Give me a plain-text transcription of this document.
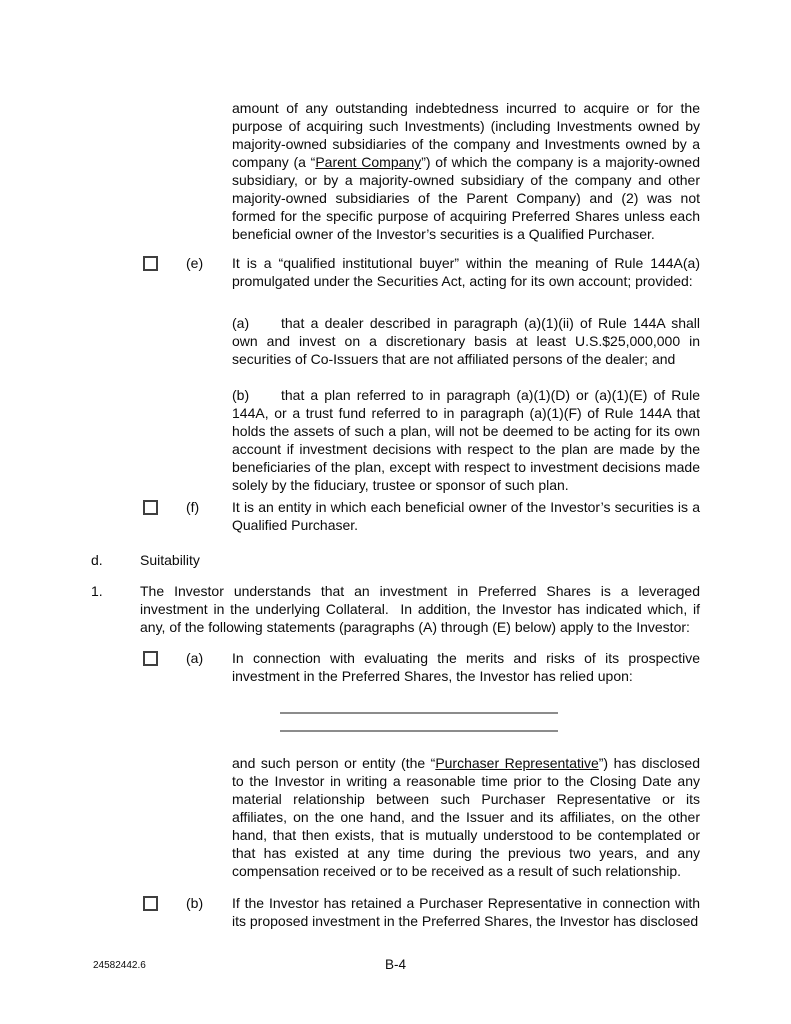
amount of any outstanding indebtedness incurred to acquire or for the purpose of acquiring such Investments) (including Investments owned by majority-owned subsidiaries of the company and Investments owned by a company (a “Parent Company”) of which the company is a majority-owned subsidiary, or by a majority-owned subsidiary of the company and other majority-owned subsidiaries of the Parent Company) and (2) was not formed for the specific purpose of acquiring Preferred Shares unless each beneficial owner of the Investor’s securities is a Qualified Purchaser.
(e)	It is a “qualified institutional buyer” within the meaning of Rule 144A(a) promulgated under the Securities Act, acting for its own account; provided:
(a) that a dealer described in paragraph (a)(1)(ii) of Rule 144A shall own and invest on a discretionary basis at least U.S.$25,000,000 in securities of Co-Issuers that are not affiliated persons of the dealer; and
(b) that a plan referred to in paragraph (a)(1)(D) or (a)(1)(E) of Rule 144A, or a trust fund referred to in paragraph (a)(1)(F) of Rule 144A that holds the assets of such a plan, will not be deemed to be acting for its own account if investment decisions with respect to the plan are made by the beneficiaries of the plan, except with respect to investment decisions made solely by the fiduciary, trustee or sponsor of such plan.
(f)	It is an entity in which each beneficial owner of the Investor’s securities is a Qualified Purchaser.
d.	Suitability
1.	The Investor understands that an investment in Preferred Shares is a leveraged investment in the underlying Collateral.  In addition, the Investor has indicated which, if any, of the following statements (paragraphs (A) through (E) below) apply to the Investor:
(a)	In connection with evaluating the merits and risks of its prospective investment in the Preferred Shares, the Investor has relied upon:
and such person or entity (the “Purchaser Representative”) has disclosed to the Investor in writing a reasonable time prior to the Closing Date any material relationship between such Purchaser Representative or its affiliates, on the one hand, and the Issuer and its affiliates, on the other hand, that then exists, that is mutually understood to be contemplated or that has existed at any time during the previous two years, and any compensation received or to be received as a result of such relationship.
(b)	If the Investor has retained a Purchaser Representative in connection with its proposed investment in the Preferred Shares, the Investor has disclosed
24582442.6	B-4
